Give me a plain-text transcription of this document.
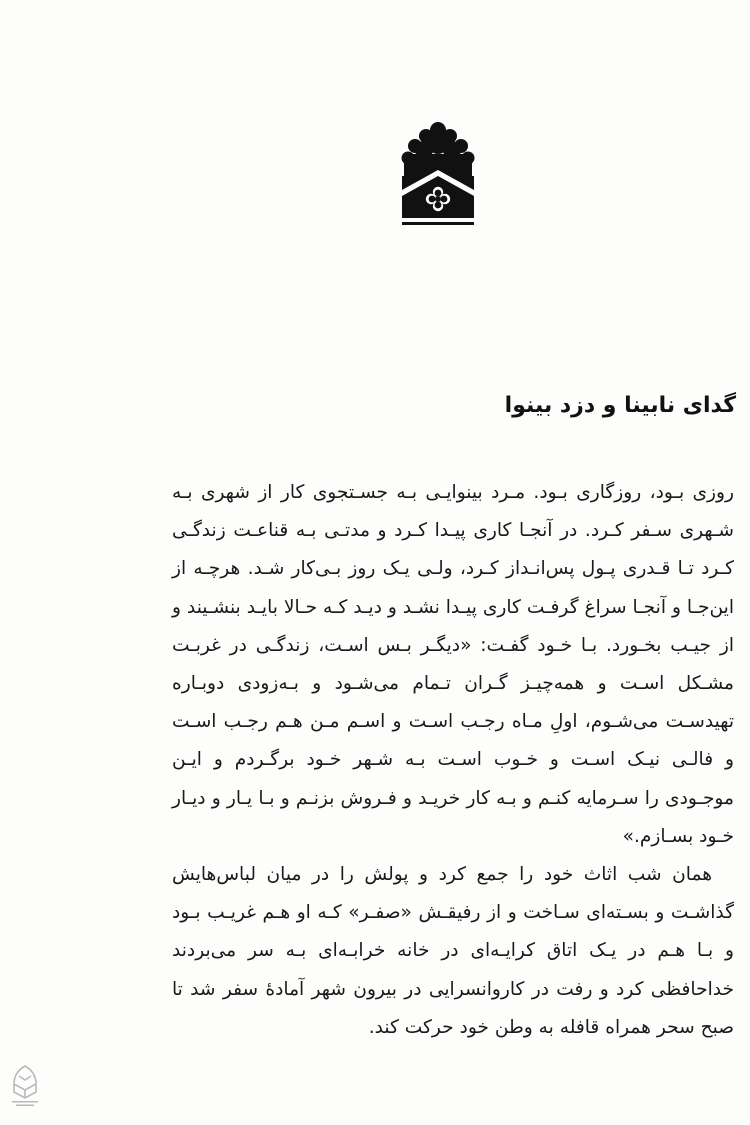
گدای نابینا و دزد بینوا

روزی بـود، روزگاری بـود. مـرد بینوایـی بـه جسـتجوی کار از شهری بـه شـهری سـفر کـرد. در آنجـا کاری پیـدا کـرد و مدتـی بـه قناعـت زندگـی کـرد تـا قـدری پـول پس‌انـداز کـرد، ولـی یـک روز بـی‌کار شـد. هرچـه از این‌جـا و آنجـا سراغ گرفـت کاری پیـدا نشـد و دیـد کـه حـالا بایـد بنشـیند و از جیـب بخـورد. بـا خـود گفـت: «دیگـر بـس اسـت، زندگـی در غربـت مشـکل اسـت و همه‌چیـز گـران تـمام می‌شـود و بـه‌زودی دوبـاره تهیدسـت می‌شـوم، اولِ مـاه رجـب اسـت و اسـم مـن هـم رجـب اسـت و فالـی نیـک اسـت و خـوب اسـت بـه شـهر خـود برگـردم و ایـن موجـودی را سـرمایه کنـم و بـه کار خریـد و فـروش بزنـم و بـا یـار و دیـار خـود بسـازم.»

همان شب اثاث خود را جمع کرد و پولش را در میان لباس‌هایش گذاشـت و بسـته‌ای سـاخت و از رفیقـش «صفـر» کـه او هـم غریـب بـود و بـا هـم در یـک اتاق کرایـه‌ای در خانه خرابـه‌ای بـه سر می‌بردند خداحافظی کرد و رفت در کاروانسرایی در بیرون شهر آمادهٔ سفر شد تا صبح سحر همراه قافله به وطن خود حرکت کند.
